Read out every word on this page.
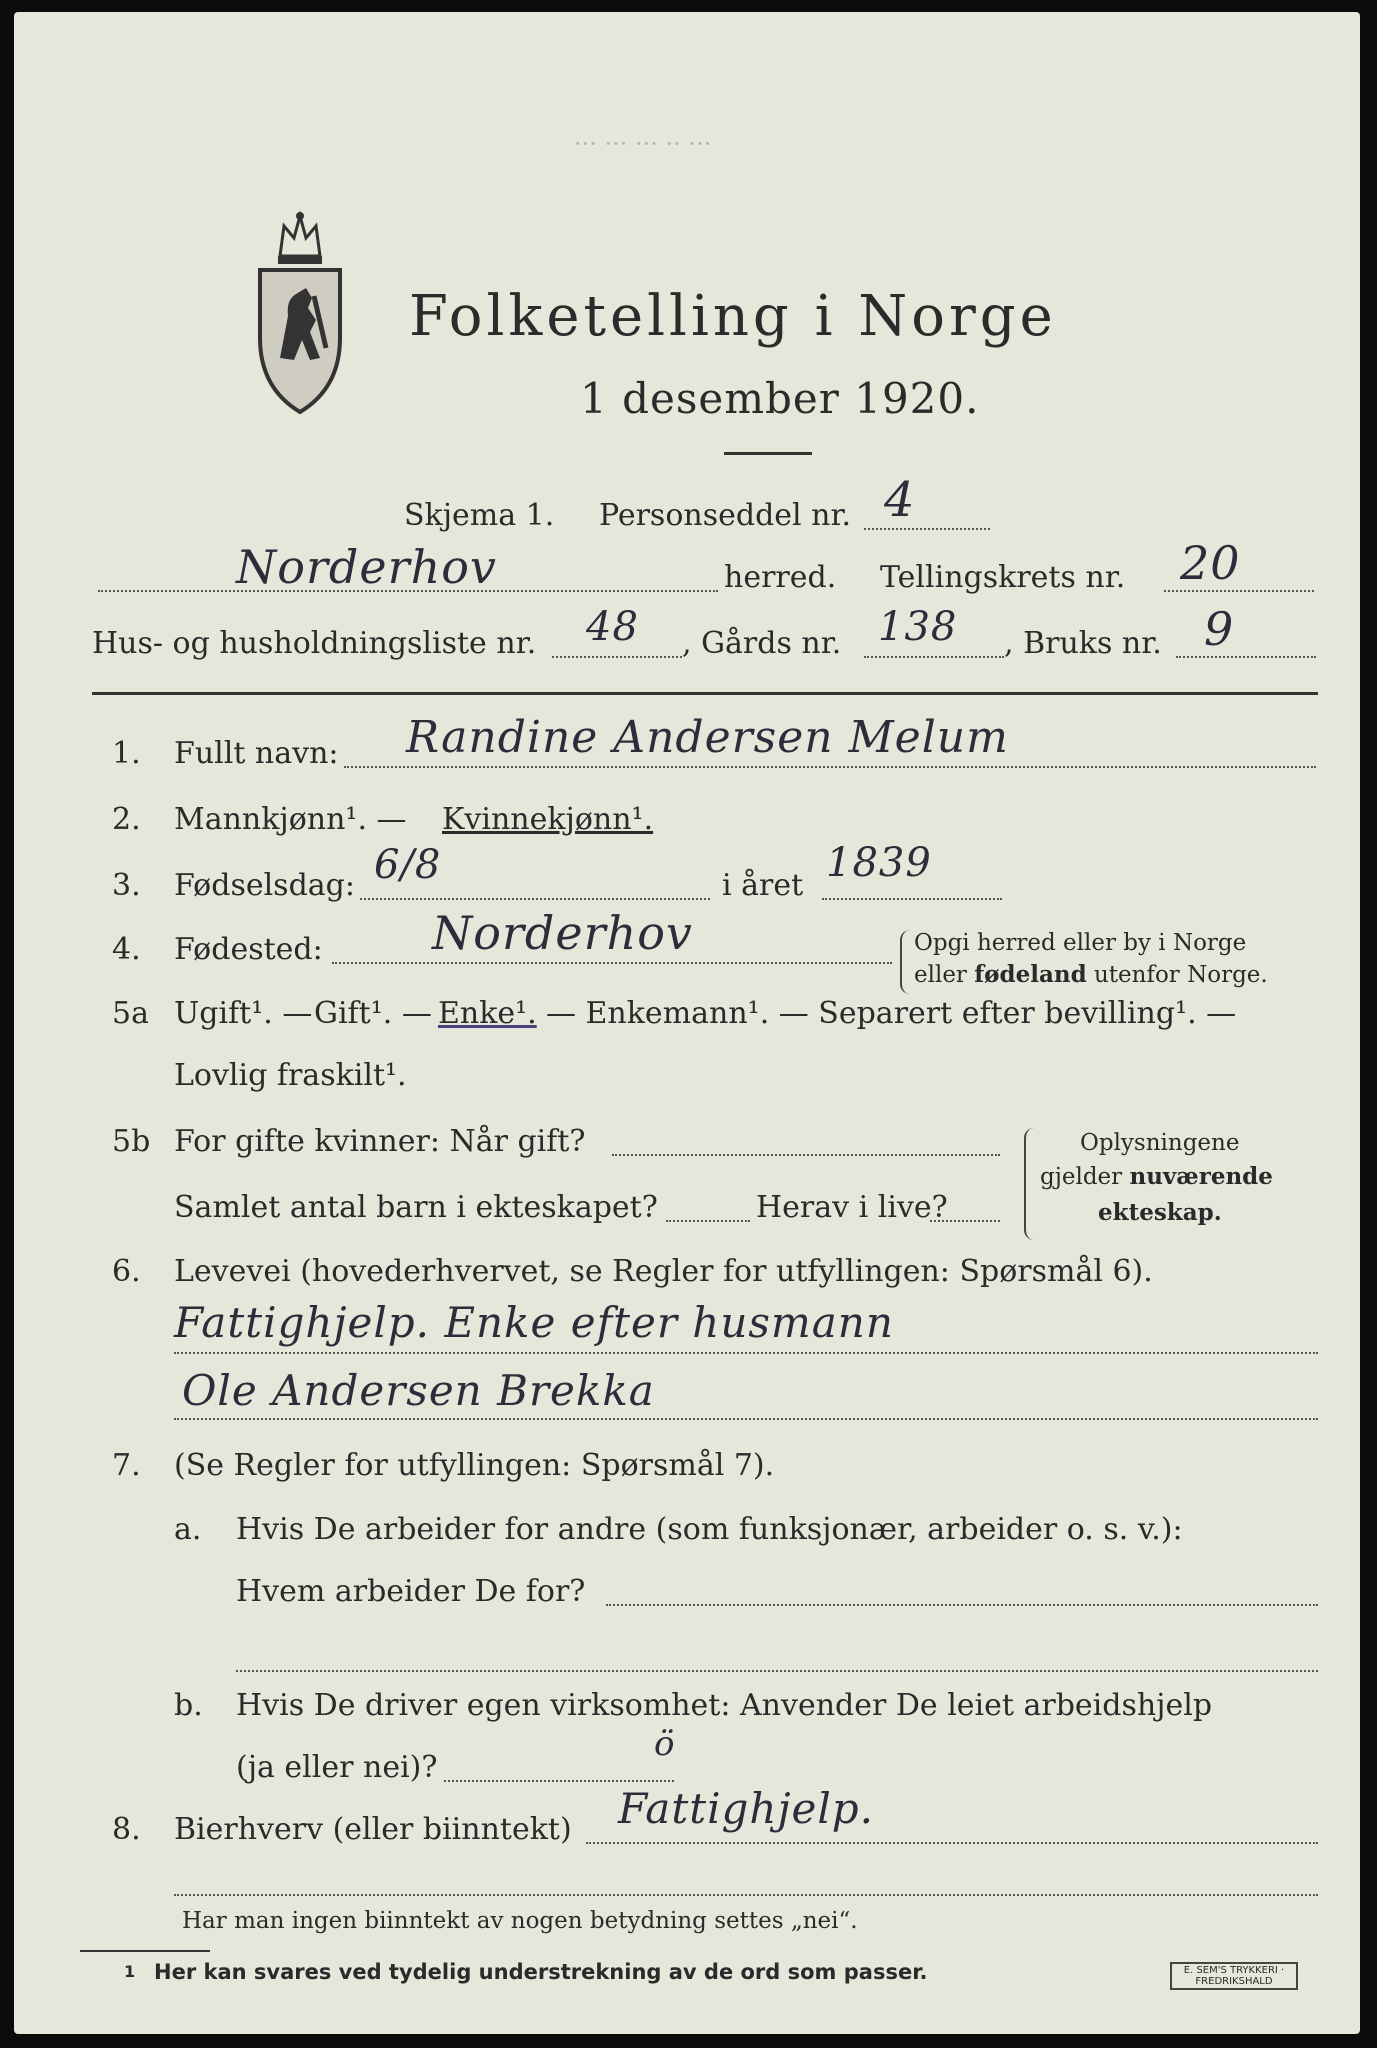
··· ··· ··· ·· ···
Folketelling i Norge
1 desember 1920.
Skjema 1. Personseddel nr. 4
Norderhov	herred. Tellingskrets nr. 20
Hus- og husholdningsliste nr. 48 , Gårds nr. 138 , Bruks nr. 9
1. Fullt navn: Randine Andersen Melum
2. Mannkjønn¹. — Kvinnekjønn¹.
3. Fødselsdag: 6/8	i året 1839
4. Fødested: Norderhov	Opgi herred eller by i Norge
eller fødeland utenfor Norge.
5a Ugift¹. — Gift¹. — Enke¹. — Enkemann¹. — Separert efter bevilling¹. —
Lovlig fraskilt¹.
5b For gifte kvinner: Når gift?
Samlet antal barn i ekteskapet?	Herav i live?
Oplysningene
gjelder nuværende
ekteskap.
6. Levevei (hovederhvervet, se Regler for utfyllingen: Spørsmål 6).
Fattighjelp. Enke efter husmann
Ole Andersen Brekka
7. (Se Regler for utfyllingen: Spørsmål 7).
a. Hvis De arbeider for andre (som funksjonær, arbeider o. s. v.):
Hvem arbeider De for?
b. Hvis De driver egen virksomhet: Anvender De leiet arbeidshjelp
(ja eller nei)?
ö
8. Bierhverv (eller biinntekt) Fattighjelp.
Har man ingen biinntekt av nogen betydning settes „nei“.
1 Her kan svares ved tydelig understrekning av de ord som passer.	E. SEM'S TRYKKERI · FREDRIKSHALD
